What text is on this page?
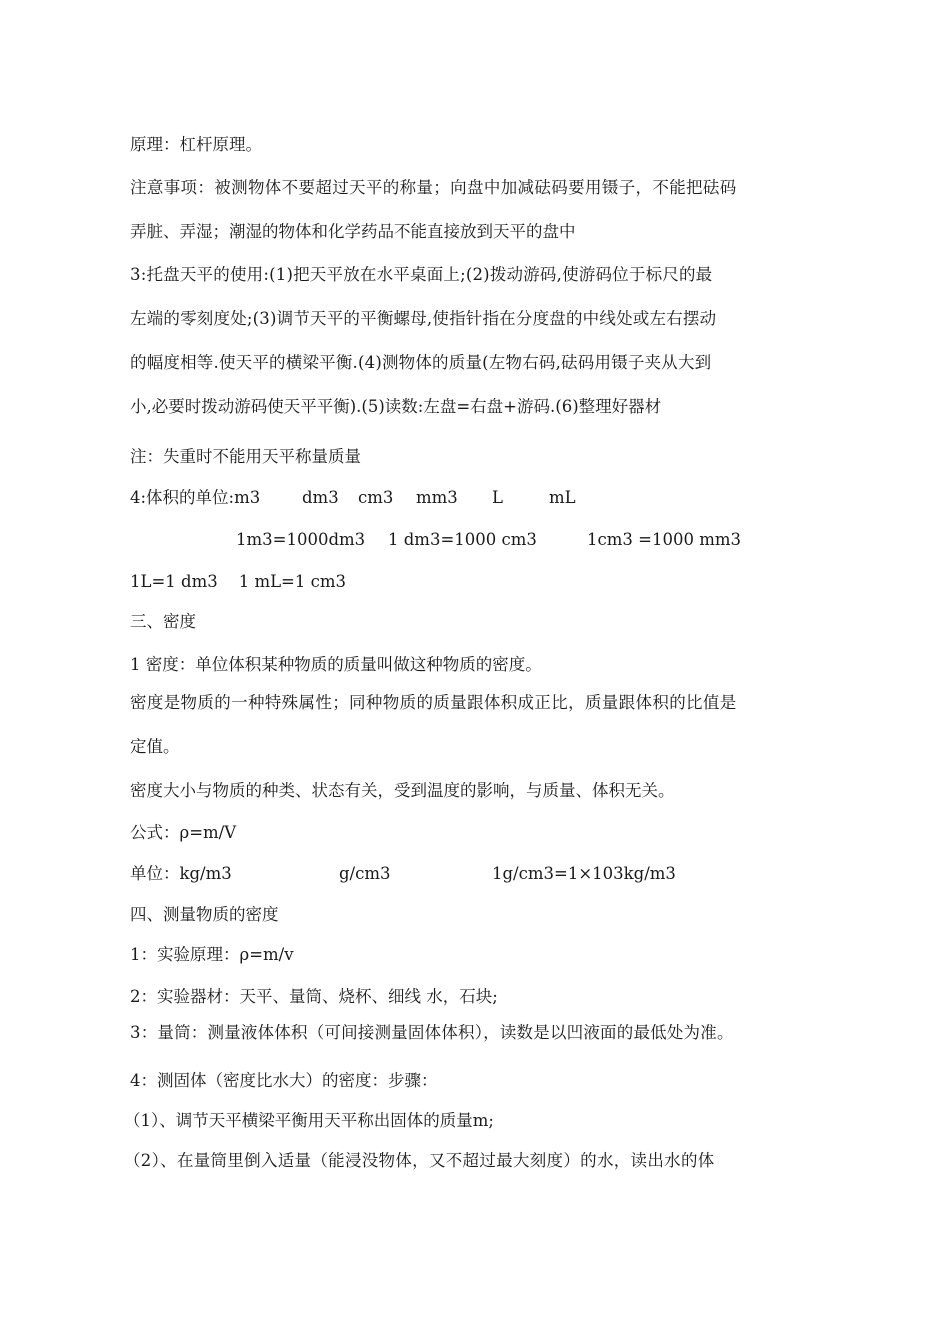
原理：杠杆原理。
注意事项：被测物体不要超过天平的称量；向盘中加减砝码要用镊子，不能把砝码
弄脏、弄湿；潮湿的物体和化学药品不能直接放到天平的盘中
3:托盘天平的使用:(1)把天平放在水平桌面上;(2)拨动游码,使游码位于标尺的最
左端的零刻度处;(3)调节天平的平衡螺母,使指针指在分度盘的中线处或左右摆动
的幅度相等.使天平的横梁平衡.(4)测物体的质量(左物右码,砝码用镊子夹从大到
小,必要时拨动游码使天平平衡).(5)读数:左盘=右盘+游码.(6)整理好器材
注：失重时不能用天平称量质量
4:体积的单位:m3	dm3	cm3	mm3	L	mL
1m3=1000dm3 1 dm3=1000 cm3	1cm3 =1000 mm3
1L=1 dm3    1 mL=1 cm3
三、密度
1 密度：单位体积某种物质的质量叫做这种物质的密度。
密度是物质的一种特殊属性；同种物质的质量跟体积成正比，质量跟体积的比值是
定值。
密度大小与物质的种类、状态有关，受到温度的影响，与质量、体积无关。
公式：ρ=m/V
单位：kg/m3	g/cm3	1g/cm3=1×103kg/m3
四、测量物质的密度
1：实验原理：ρ=m/v
2：实验器材：天平、量筒、烧杯、细线 水，石块;
3：量筒：测量液体体积（可间接测量固体体积），读数是以凹液面的最低处为准。
4：测固体（密度比水大）的密度：步骤：
（1）、调节天平横梁平衡用天平称出固体的质量m;
（2）、在量筒里倒入适量（能浸没物体，又不超过最大刻度）的水，读出水的体
